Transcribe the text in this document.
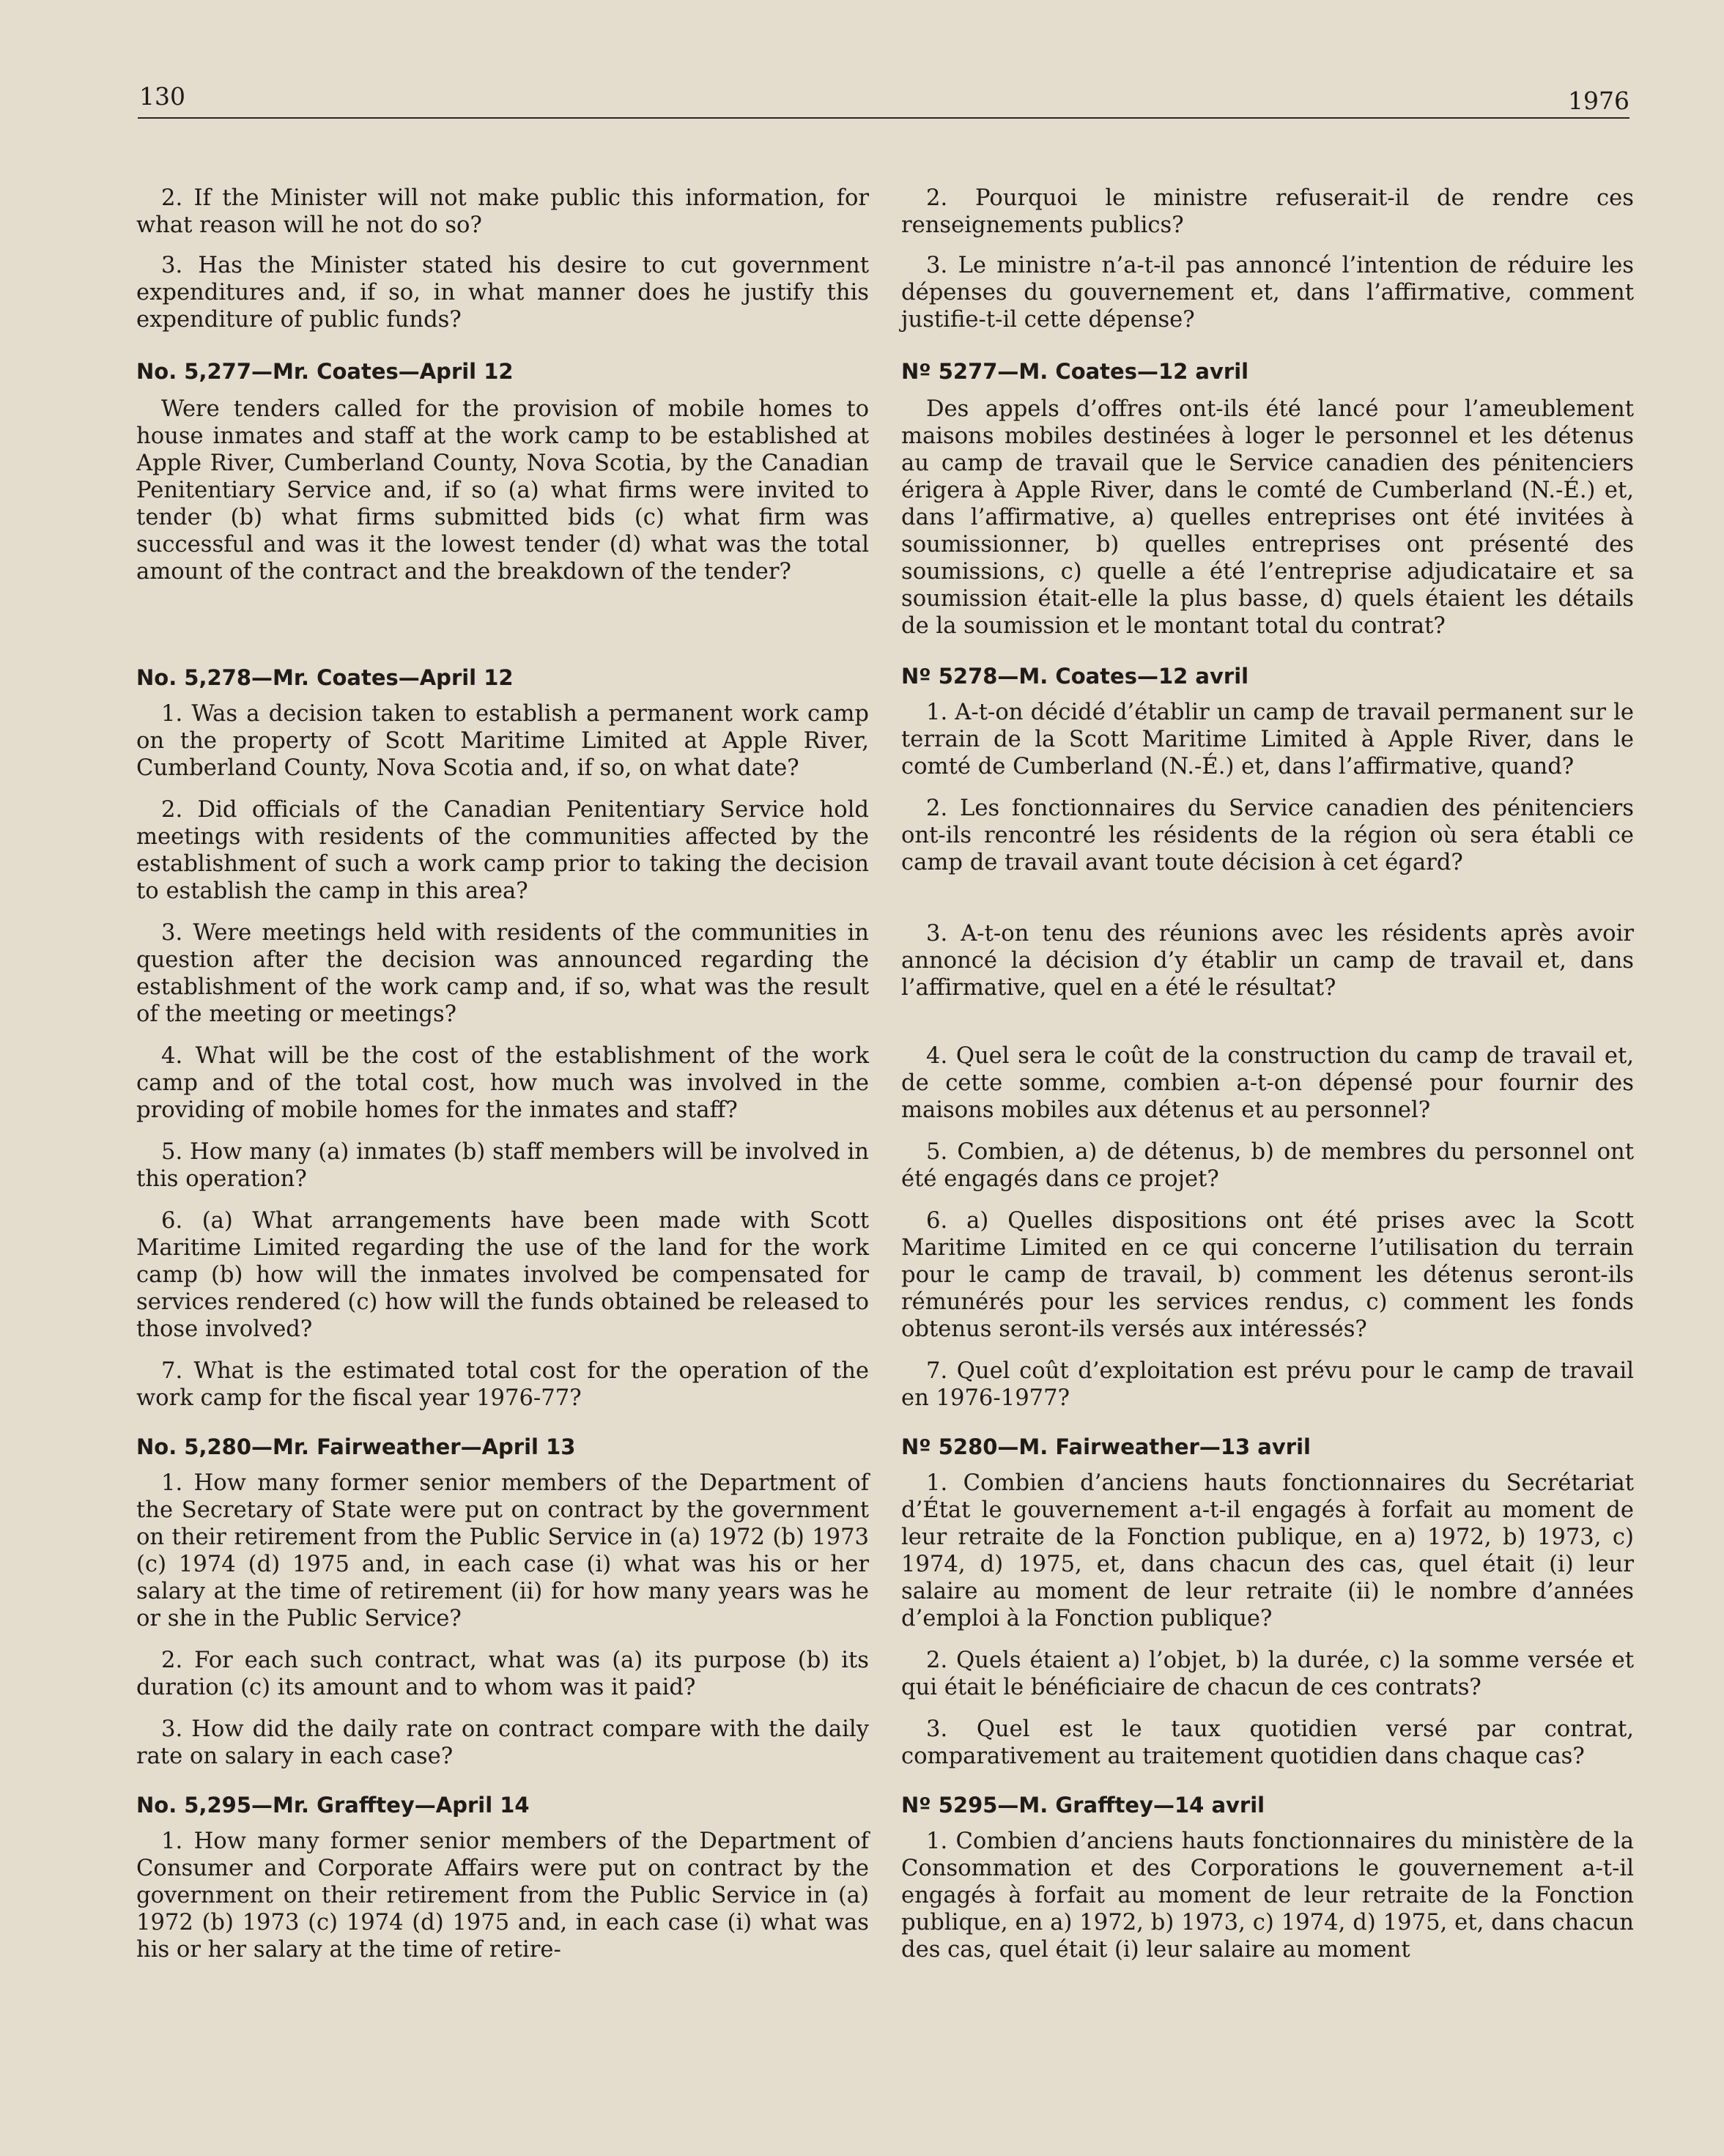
130	1976

2. If the Minister will not make public this information, for what reason will he not do so?

3. Has the Minister stated his desire to cut government expenditures and, if so, in what manner does he justify this expenditure of public funds?

No. 5,277—Mr. Coates—April 12

Were tenders called for the provision of mobile homes to house inmates and staff at the work camp to be established at Apple River, Cumberland County, Nova Scotia, by the Canadian Penitentiary Service and, if so (a) what firms were invited to tender (b) what firms submitted bids (c) what firm was successful and was it the lowest tender (d) what was the total amount of the contract and the breakdown of the tender?

No. 5,278—Mr. Coates—April 12

1. Was a decision taken to establish a permanent work camp on the property of Scott Maritime Limited at Apple River, Cumberland County, Nova Scotia and, if so, on what date?

2. Did officials of the Canadian Penitentiary Service hold meetings with residents of the communities affected by the establishment of such a work camp prior to taking the decision to establish the camp in this area?

3. Were meetings held with residents of the communities in question after the decision was announced regarding the establishment of the work camp and, if so, what was the result of the meeting or meetings?

4. What will be the cost of the establishment of the work camp and of the total cost, how much was involved in the providing of mobile homes for the inmates and staff?

5. How many (a) inmates (b) staff members will be involved in this operation?

6. (a) What arrangements have been made with Scott Maritime Limited regarding the use of the land for the work camp (b) how will the inmates involved be compensated for services rendered (c) how will the funds obtained be released to those involved?

7. What is the estimated total cost for the operation of the work camp for the fiscal year 1976-77?

No. 5,280—Mr. Fairweather—April 13

1. How many former senior members of the Department of the Secretary of State were put on contract by the government on their retirement from the Public Service in (a) 1972 (b) 1973 (c) 1974 (d) 1975 and, in each case (i) what was his or her salary at the time of retirement (ii) for how many years was he or she in the Public Service?

2. For each such contract, what was (a) its purpose (b) its duration (c) its amount and to whom was it paid?

3. How did the daily rate on contract compare with the daily rate on salary in each case?

No. 5,295—Mr. Grafftey—April 14

1. How many former senior members of the Department of Consumer and Corporate Affairs were put on contract by the government on their retirement from the Public Service in (a) 1972 (b) 1973 (c) 1974 (d) 1975 and, in each case (i) what was his or her salary at the time of retire-

2. Pourquoi le ministre refuserait-il de rendre ces renseignements publics?

3. Le ministre n’a-t-il pas annoncé l’intention de réduire les dépenses du gouvernement et, dans l’affirmative, comment justifie-t-il cette dépense?

Nº 5277—M. Coates—12 avril

Des appels d’offres ont-ils été lancé pour l’ameublement maisons mobiles destinées à loger le personnel et les détenus au camp de travail que le Service canadien des pénitenciers érigera à Apple River, dans le comté de Cumberland (N.-É.) et, dans l’affirmative, a) quelles entreprises ont été invitées à soumissionner, b) quelles entreprises ont présenté des soumissions, c) quelle a été l’entreprise adjudicataire et sa soumission était-elle la plus basse, d) quels étaient les détails de la soumission et le montant total du contrat?

Nº 5278—M. Coates—12 avril

1. A-t-on décidé d’établir un camp de travail permanent sur le terrain de la Scott Maritime Limited à Apple River, dans le comté de Cumberland (N.-É.) et, dans l’affirmative, quand?

2. Les fonctionnaires du Service canadien des pénitenciers ont-ils rencontré les résidents de la région où sera établi ce camp de travail avant toute décision à cet égard?

3. A-t-on tenu des réunions avec les résidents après avoir annoncé la décision d’y établir un camp de travail et, dans l’affirmative, quel en a été le résultat?

4. Quel sera le coût de la construction du camp de travail et, de cette somme, combien a-t-on dépensé pour fournir des maisons mobiles aux détenus et au personnel?

5. Combien, a) de détenus, b) de membres du personnel ont été engagés dans ce projet?

6. a) Quelles dispositions ont été prises avec la Scott Maritime Limited en ce qui concerne l’utilisation du terrain pour le camp de travail, b) comment les détenus seront-ils rémunérés pour les services rendus, c) comment les fonds obtenus seront-ils versés aux intéressés?

7. Quel coût d’exploitation est prévu pour le camp de travail en 1976-1977?

Nº 5280—M. Fairweather—13 avril

1. Combien d’anciens hauts fonctionnaires du Secrétariat d’État le gouvernement a-t-il engagés à forfait au moment de leur retraite de la Fonction publique, en a) 1972, b) 1973, c) 1974, d) 1975, et, dans chacun des cas, quel était (i) leur salaire au moment de leur retraite (ii) le nombre d’années d’emploi à la Fonction publique?

2. Quels étaient a) l’objet, b) la durée, c) la somme versée et qui était le bénéficiaire de chacun de ces contrats?

3. Quel est le taux quotidien versé par contrat, comparativement au traitement quotidien dans chaque cas?

Nº 5295—M. Grafftey—14 avril

1. Combien d’anciens hauts fonctionnaires du ministère de la Consommation et des Corporations le gouvernement a-t-il engagés à forfait au moment de leur retraite de la Fonction publique, en a) 1972, b) 1973, c) 1974, d) 1975, et, dans chacun des cas, quel était (i) leur salaire au moment
